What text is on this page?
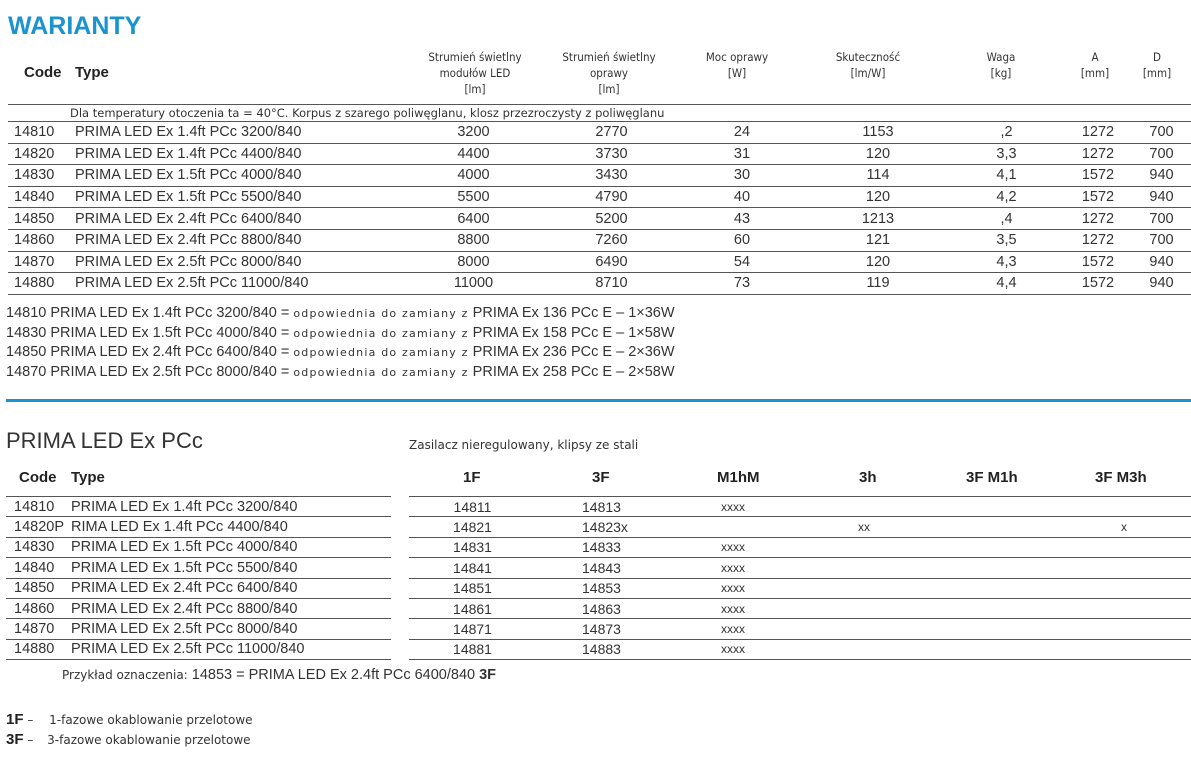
WARIANTY
Code Type
Strumień świetlny
modułów LED
[lm]
Strumień świetlny
oprawy
[lm]
Moc oprawy
[W]
Skuteczność
[lm/W]
Waga
[kg]
A
[mm]
D
[mm]
Dla temperatury otoczenia ta = 40°C. Korpus z szarego poliwęglanu, klosz przezroczysty z poliwęglanu								
14810	PRIMA LED Ex 1.4ft PCc 3200/840	3200	2770	24	1153	,2	1272	700
14820	PRIMA LED Ex 1.4ft PCc 4400/840	4400	3730	31	120	3,3	1272	700
14830	PRIMA LED Ex 1.5ft PCc 4000/840	4000	3430	30	114	4,1	1572	940
14840	PRIMA LED Ex 1.5ft PCc 5500/840	5500	4790	40	120	4,2	1572	940
14850	PRIMA LED Ex 2.4ft PCc 6400/840	6400	5200	43	1213	,4	1272	700
14860	PRIMA LED Ex 2.4ft PCc 8800/840	8800	7260	60	121	3,5	1272	700
14870	PRIMA LED Ex 2.5ft PCc 8000/840	8000	6490	54	120	4,3	1572	940
14880	PRIMA LED Ex 2.5ft PCc 11000/840	11000	8710	73	119	4,4	1572	940
14810 PRIMA LED Ex 1.4ft PCc 3200/840 = odpowiednia do zamiany z PRIMA Ex 136 PCc E – 1×36W
14830 PRIMA LED Ex 1.5ft PCc 4000/840 = odpowiednia do zamiany z PRIMA Ex 158 PCc E – 1×58W
14850 PRIMA LED Ex 2.4ft PCc 6400/840 = odpowiednia do zamiany z PRIMA Ex 236 PCc E – 2×36W
14870 PRIMA LED Ex 2.5ft PCc 8000/840 = odpowiednia do zamiany z PRIMA Ex 258 PCc E – 2×58W
PRIMA LED Ex PCc	Zasilacz nieregulowany, klipsy ze stali
Code Type	1F	3F	M1hM	3h	3F M1h	3F M3h
14810	PRIMA LED Ex 1.4ft PCc 3200/840
14820P	RIMA LED Ex 1.4ft PCc 4400/840
14830	PRIMA LED Ex 1.5ft PCc 4000/840
14840	PRIMA LED Ex 1.5ft PCc 5500/840
14850	PRIMA LED Ex 2.4ft PCc 6400/840
14860	PRIMA LED Ex 2.4ft PCc 8800/840
14870	PRIMA LED Ex 2.5ft PCc 8000/840
14880	PRIMA LED Ex 2.5ft PCc 11000/840
14811	14813	xxxx			
14821	14823x		xx		x
14831	14833	xxxx			
14841	14843	xxxx			
14851	14853	xxxx			
14861	14863	xxxx			
14871	14873	xxxx			
14881	14883	xxxx			
Przykład oznaczenia: 14853 = PRIMA LED Ex 2.4ft PCc 6400/840 3F
1F – 1-fazowe okablowanie przelotowe
3F – 3-fazowe okablowanie przelotowe
